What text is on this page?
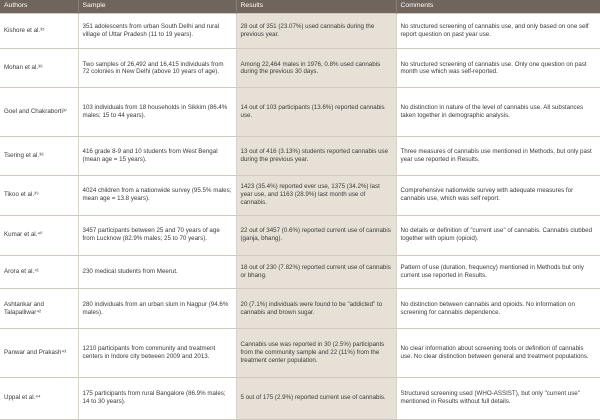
Authors	Sample	Results	Comments
Kishore et al.³⁵	351 adolescents from urban South Delhi and rural village of Uttar Pradesh (11 to 19 years).	28 out of 351 (23.07%) used cannabis during the previous year.	No structured screening of cannabis use, and only based on one self report question on past year use.
Mohan et al.³⁶	Two samples of 26,492 and 16,415 individuals from 72 colonies in New Delhi (above 10 years of age).	Among 22,464 males in 1976, 0.8% used cannabis during the previous 30 days.	No structured screening of cannabis use. Only one question on past month use which was self-reported.
Goel and Chakraborti³⁷	103 individuals from 18 households in Sikkim (86.4% males; 15 to 44 years).	14 out of 103 participants (13.6%) reported cannabis use.	No distinction in nature of the level of cannabis use. All substances taken together in demographic analysis.
Tsering et al.³⁸	416 grade 8-9 and 10 students from West Bengal (mean age = 15 years).	13 out of 416 (3.13%) students reported cannabis use during the previous year.	Three measures of cannabis use mentioned in Methods, but only past year use reported in Results.
Tikoo et al.³⁹	4024 children from a nationwide survey (95.5% males; mean age = 13.8 years).	1423 (35.4%) reported ever use, 1375 (34.2%) last year use, and 1163 (28.9%) last month use of cannabis.	Comprehensive nationwide survey with adequate measures for cannabis use, which was self report.
Kumar et al.⁴⁰	3457 participants between 25 and 70 years of age from Lucknow (82.9% males; 25 to 70 years).	22 out of 3457 (0.6%) reported current use of cannabis (ganja, bhang).	No details or definition of "current use" of cannabis. Cannabis clubbed together with opium (opioid).
Arora et al.⁴¹	230 medical students from Meerut.	18 out of 230 (7.82%) reported current use of cannabis or bhang.	Pattern of use (duration, frequency) mentioned in Methods but only current use reported in Results.
Ashtankar and Talapalliwar⁴²	280 individuals from an urban slum in Nagpur (94.6% males).	20 (7.1%) individuals were found to be "addicted" to cannabis and brown sugar.	No distinction between cannabis and opioids. No information on screening for cannabis dependence.
Panwar and Prakash⁴³	1210 participants from community and treatment centers in Indore city between 2009 and 2013.	Cannabis use was reported in 30 (2.5%) participants from the community sample and 22 (11%) from the treatment center population.	No clear information about screening tools or definition of cannabis use. No clear distinction between general and treatment populations.
Uppal et al.⁴⁴	175 participants from rural Bangalore (86.9% males; 14 to 30 years).	5 out of 175 (2.9%) reported current use of cannabis.	Structured screening used (WHO-ASSIST), but only "current use" mentioned in Results without full details.
